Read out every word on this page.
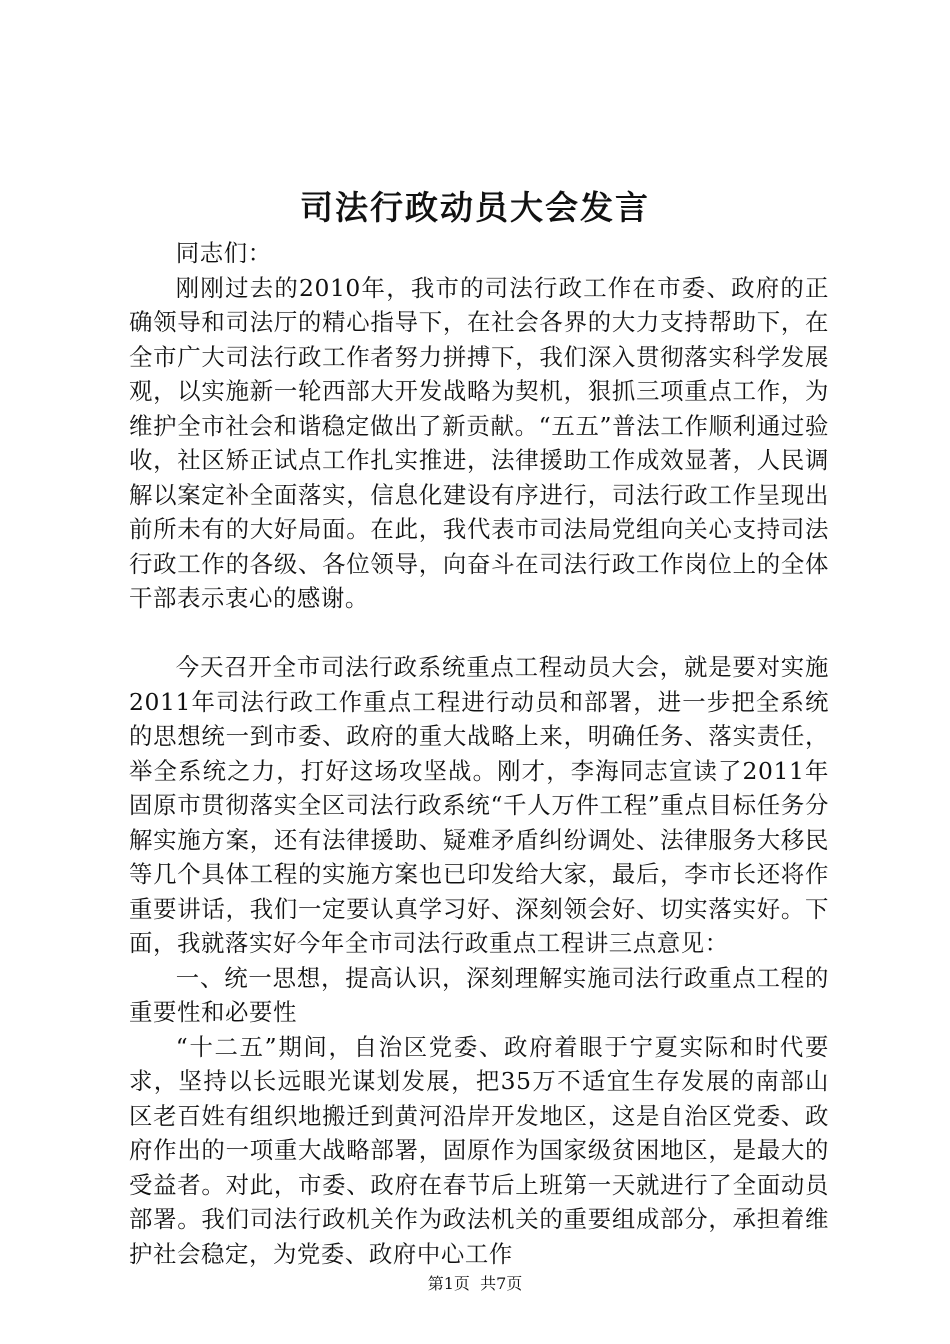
司法行政动员大会发言

同志们：

刚刚过去的2010年，我市的司法行政工作在市委、政府的正确领导和司法厅的精心指导下，在社会各界的大力支持帮助下，在全市广大司法行政工作者努力拼搏下，我们深入贯彻落实科学发展观，以实施新一轮西部大开发战略为契机，狠抓三项重点工作，为维护全市社会和谐稳定做出了新贡献。“五五”普法工作顺利通过验收，社区矫正试点工作扎实推进，法律援助工作成效显著，人民调解以案定补全面落实，信息化建设有序进行，司法行政工作呈现出前所未有的大好局面。在此，我代表市司法局党组向关心支持司法行政工作的各级、各位领导，向奋斗在司法行政工作岗位上的全体干部表示衷心的感谢。

今天召开全市司法行政系统重点工程动员大会，就是要对实施2011年司法行政工作重点工程进行动员和部署，进一步把全系统的思想统一到市委、政府的重大战略上来，明确任务、落实责任，举全系统之力，打好这场攻坚战。刚才，李海同志宣读了2011年固原市贯彻落实全区司法行政系统“千人万件工程”重点目标任务分解实施方案，还有法律援助、疑难矛盾纠纷调处、法律服务大移民等几个具体工程的实施方案也已印发给大家，最后，李市长还将作重要讲话，我们一定要认真学习好、深刻领会好、切实落实好。下面，我就落实好今年全市司法行政重点工程讲三点意见：

一、统一思想，提高认识，深刻理解实施司法行政重点工程的重要性和必要性

“十二五”期间，自治区党委、政府着眼于宁夏实际和时代要求，坚持以长远眼光谋划发展，把35万不适宜生存发展的南部山区老百姓有组织地搬迁到黄河沿岸开发地区，这是自治区党委、政府作出的一项重大战略部署，固原作为国家级贫困地区，是最大的受益者。对此，市委、政府在春节后上班第一天就进行了全面动员部署。我们司法行政机关作为政法机关的重要组成部分，承担着维护社会稳定，为党委、政府中心工作

第1页 共7页
